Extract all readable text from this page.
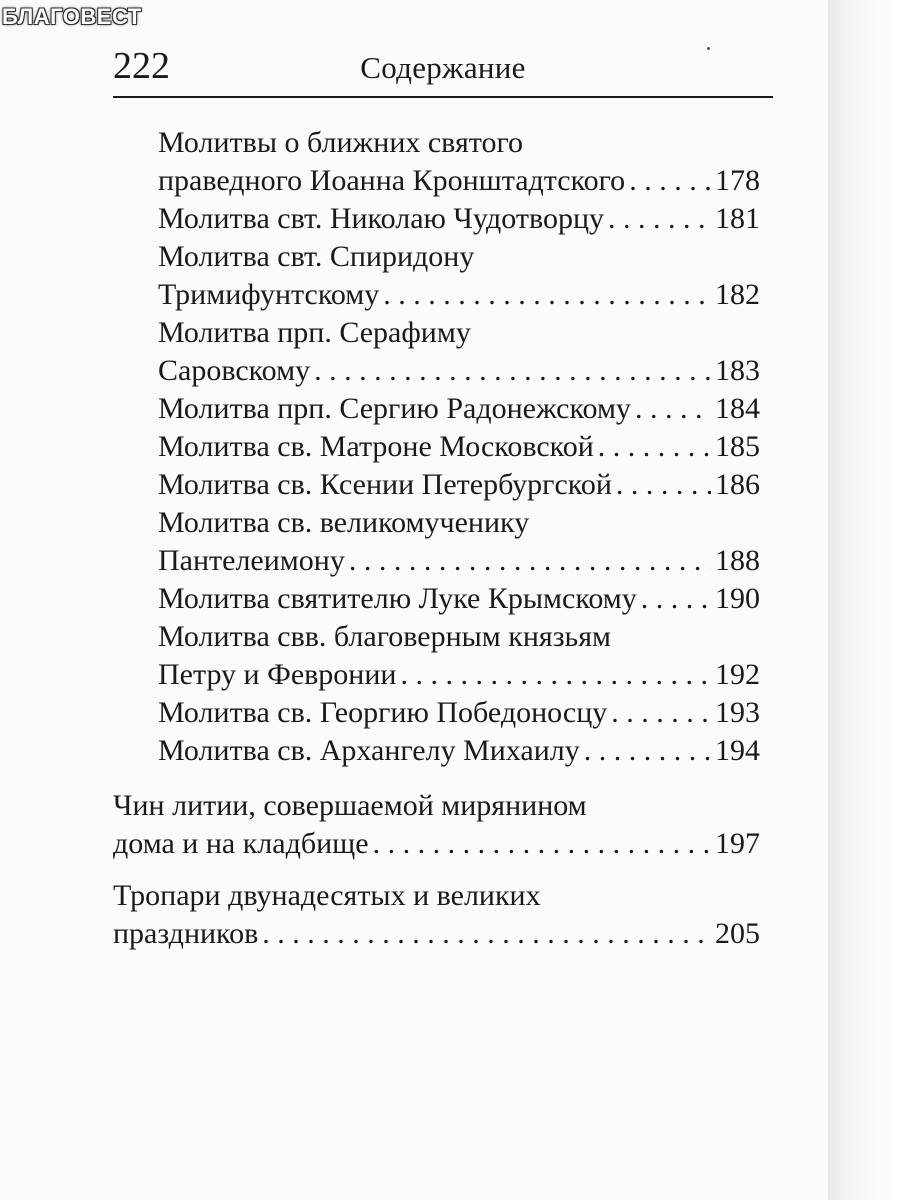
БЛАГОВЕСТ
222	Содержание
Молитвы о ближних святого
праведного Иоанна Кронштадтского . . .	178
Молитва свт. Николаю Чудотворцу . . .	181
Молитва свт. Спиридону
Тримифунтскому . . .	182
Молитва прп. Серафиму
Саровскому . . .	183
Молитва прп. Сергию Радонежскому . . .	184
Молитва св. Матроне Московской . . .	185
Молитва св. Ксении Петербургской . . .	186
Молитва св. великомученику
Пантелеимону . . .	188
Молитва святителю Луке Крымскому . . .	190
Молитва свв. благоверным князьям
Петру и Февронии . . .	192
Молитва св. Георгию Победоносцу . . .	193
Молитва св. Архангелу Михаилу . . .	194
Чин литии, совершаемой мирянином
дома и на кладбище . . .	197
Тропари двунадесятых и великих
праздников . . .	205
